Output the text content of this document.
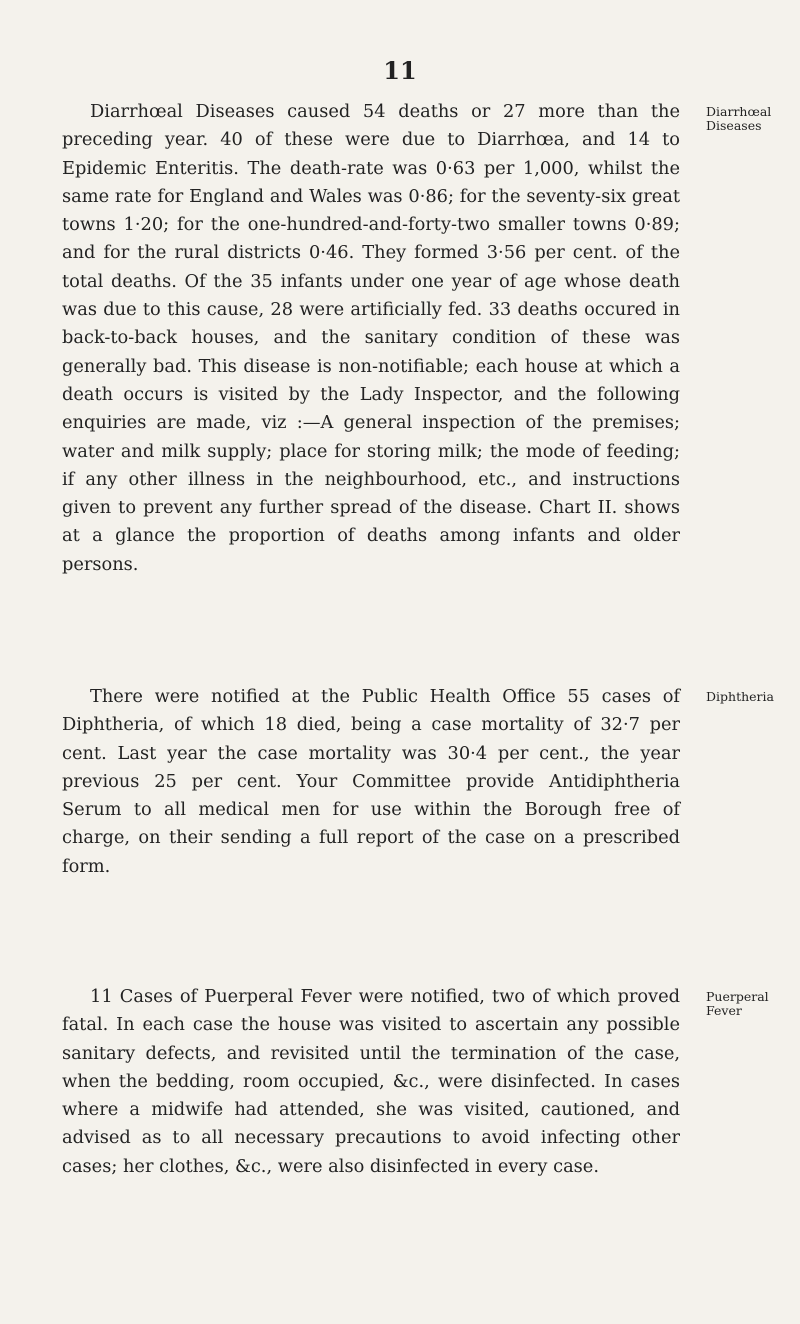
11

Diarrhœal Diseases caused 54 deaths or 27 more than the preceding year. 40 of these were due to Diarrhœa, and 14 to Epidemic Enteritis. The death-rate was 0·63 per 1,000, whilst the same rate for England and Wales was 0·86; for the seventy-six great towns 1·20; for the one-hundred-and-forty-two smaller towns 0·89; and for the rural districts 0·46. They formed 3·56 per cent. of the total deaths. Of the 35 infants under one year of age whose death was due to this cause, 28 were artificially fed. 33 deaths occured in back-to-back houses, and the sanitary condition of these was generally bad. This disease is non-notifiable; each house at which a death occurs is visited by the Lady Inspector, and the following enquiries are made, viz :—A general inspection of the premises; water and milk supply; place for storing milk; the mode of feeding; if any other illness in the neighbourhood, etc., and instructions given to prevent any further spread of the disease. Chart II. shows at a glance the proportion of deaths among infants and older persons.

Diarrhœal Diseases

There were notified at the Public Health Office 55 cases of Diphtheria, of which 18 died, being a case mortality of 32·7 per cent. Last year the case mortality was 30·4 per cent., the year previous 25 per cent. Your Committee provide Antidiphtheria Serum to all medical men for use within the Borough free of charge, on their sending a full report of the case on a prescribed form.

Diphtheria

11 Cases of Puerperal Fever were notified, two of which proved fatal. In each case the house was visited to ascertain any possible sanitary defects, and revisited until the termination of the case, when the bedding, room occupied, &c., were disinfected. In cases where a midwife had attended, she was visited, cautioned, and advised as to all necessary precautions to avoid infecting other cases; her clothes, &c., were also disinfected in every case.

Puerperal Fever
